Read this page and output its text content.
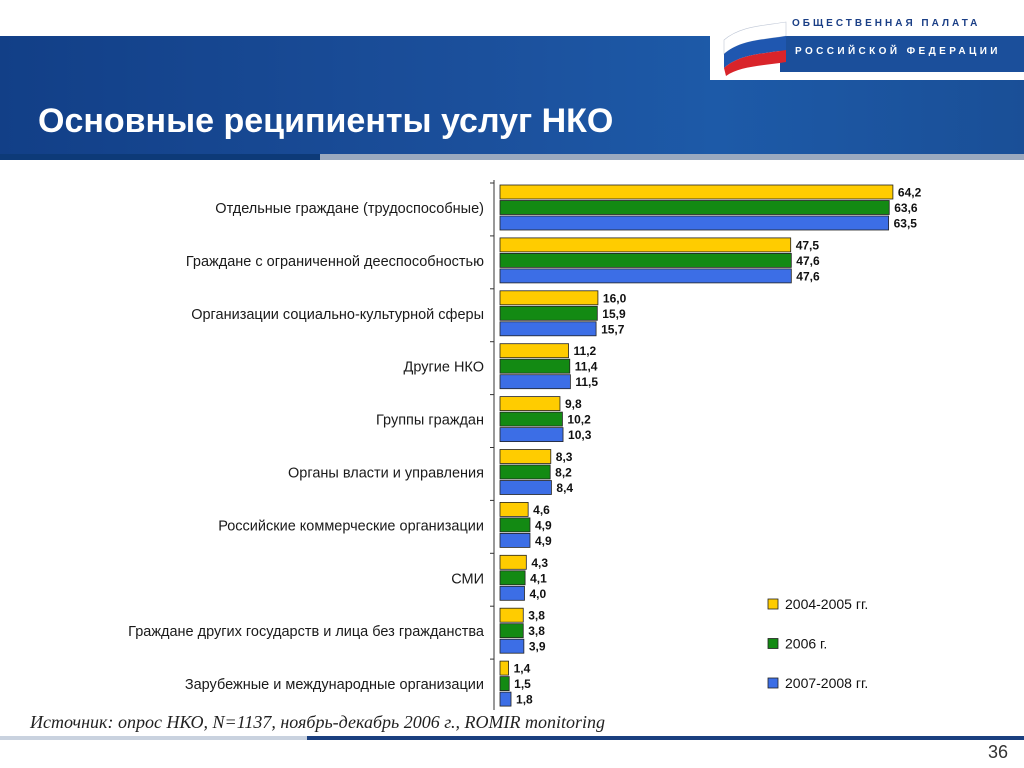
ОБЩЕСТВЕННАЯ ПАЛАТА
РОССИЙСКОЙ ФЕДЕРАЦИИ
Основные реципиенты услуг НКО
Отдельные граждане (трудоспособные)
64,2
63,6
63,5
Граждане с ограниченной дееспособностью
47,5
47,6
47,6
Организации социально-культурной сферы
16,0
15,9
15,7
Другие НКО
11,2
11,4
11,5
Группы граждан
9,8
10,2
10,3
Органы власти и управления
8,3
8,2
8,4
Российские коммерческие организации
4,6
4,9
4,9
СМИ
4,3
4,1
4,0
Граждане других государств и лица без гражданства
3,8
3,8
3,9
Зарубежные и международные организации
1,4
1,5
1,8
2004-2005 гг.
2006 г.
2007-2008 гг.
Источник: опрос НКО, N=1137, ноябрь-декабрь 2006 г., ROMIR monitoring
36
